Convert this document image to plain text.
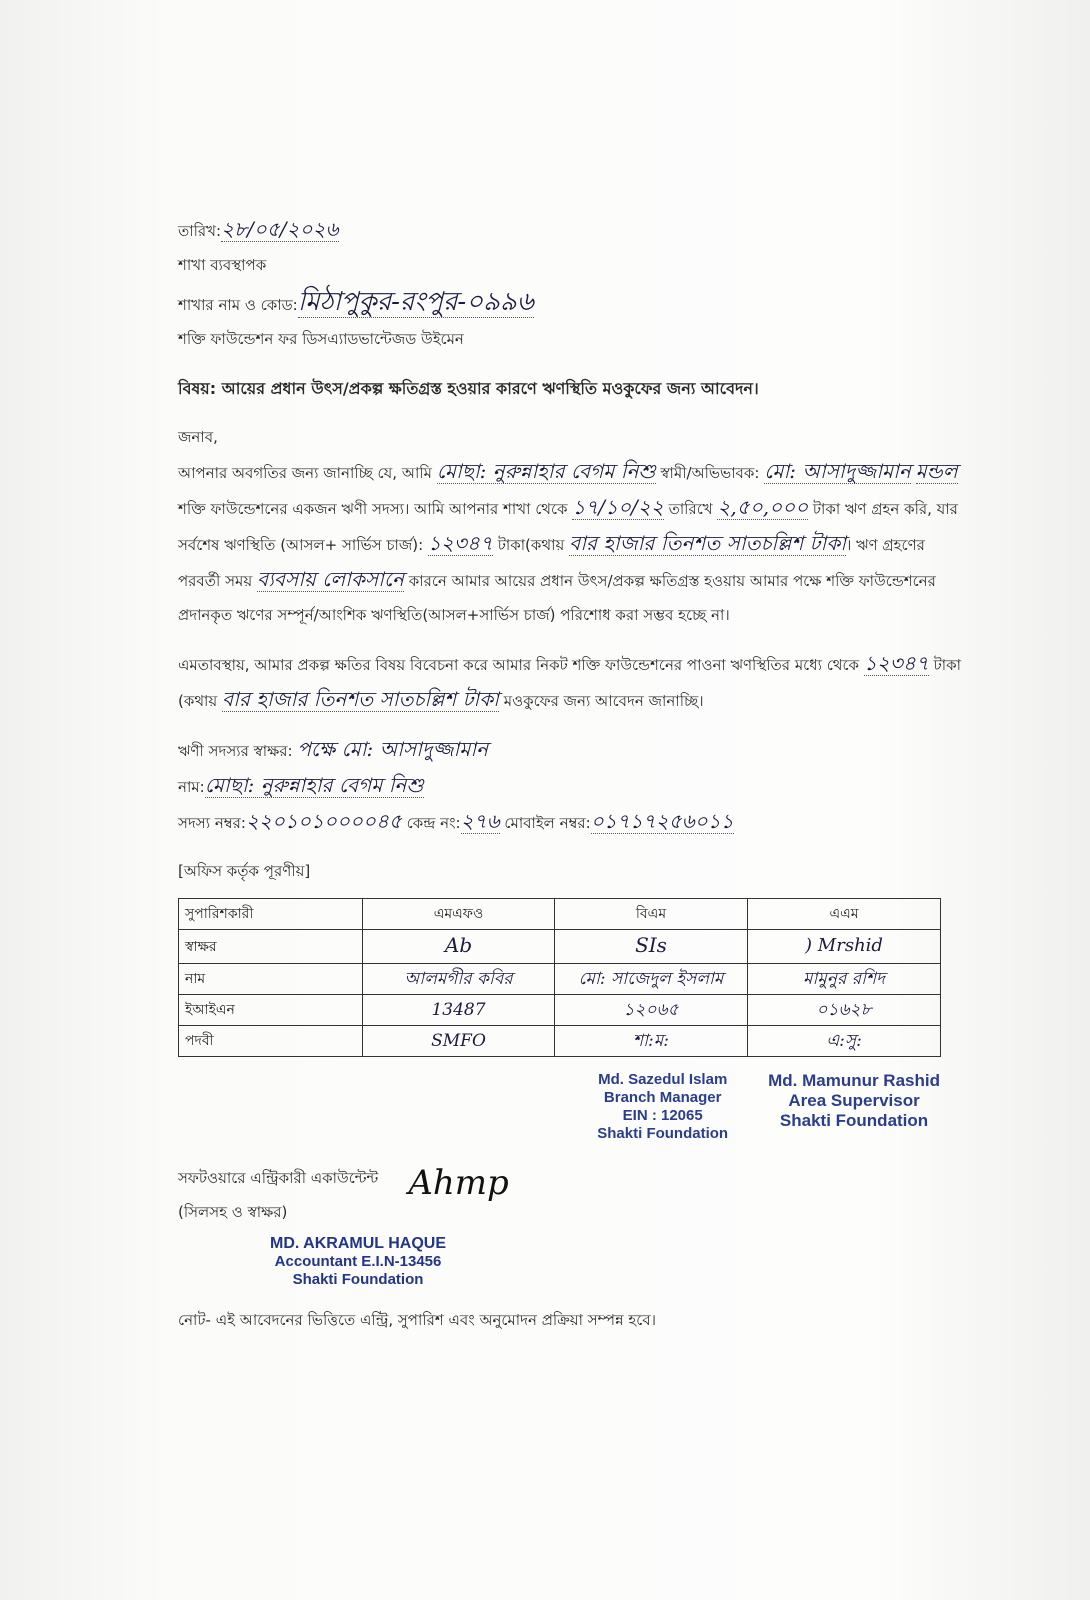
তারিখ:২৮/০৫/২০২৬
শাখা ব্যবস্থাপক
শাখার নাম ও কোড:মিঠাপুকুর-রংপুর-০৯৯৬
শক্তি ফাউন্ডেশন ফর ডিসএ্যাডভান্টেজড উইমেন
বিষয়: আয়ের প্রধান উৎস/প্রকল্প ক্ষতিগ্রস্ত হওয়ার কারণে ঋণস্থিতি মওকুফের জন্য আবেদন।
জনাব,
আপনার অবগতির জন্য জানাচ্ছি যে, আমি মোছা: নুরুন্নাহার বেগম নিশু স্বামী/অভিভাবক: মো: আসাদুজ্জামান মন্ডল শক্তি ফাউন্ডেশনের একজন ঋণী সদস্য। আমি আপনার শাখা থেকে ১৭/১০/২২ তারিখে ২,৫০,০০০ টাকা ঋণ গ্রহন করি, যার সর্বশেষ ঋণস্থিতি (আসল+ সার্ভিস চার্জ): ১২৩৪৭ টাকা(কথায় বার হাজার তিনশত সাতচল্লিশ টাকা। ঋণ গ্রহণের পরবর্তী সময় ব্যবসায় লোকসানে কারনে আমার আয়ের প্রধান উৎস/প্রকল্প ক্ষতিগ্রস্ত হওয়ায় আমার পক্ষে শক্তি ফাউন্ডেশনের প্রদানকৃত ঋণের সম্পূর্ন/আংশিক ঋণস্থিতি(আসল+সার্ভিস চার্জ) পরিশোধ করা সম্ভব হচ্ছে না।
এমতাবস্থায়, আমার প্রকল্প ক্ষতির বিষয় বিবেচনা করে আমার নিকট শক্তি ফাউন্ডেশনের পাওনা ঋণস্থিতির মধ্যে থেকে ১২৩৪৭ টাকা (কথায় বার হাজার তিনশত সাতচল্লিশ টাকা মওকুফের জন্য আবেদন জানাচ্ছি।
ঋণী সদস্যর স্বাক্ষর: পক্ষে মো: আসাদুজ্জামান
নাম:মোছা: নুরুন্নাহার বেগম নিশু
সদস্য নম্বর:২২০১০১০০০০৪৫ কেন্দ্র নং:২৭৬ মোবাইল নম্বর:০১৭১৭২৫৬০১১
[অফিস কর্তৃক পূরণীয়]
সুপারিশকারী	এমএফও	বিএম	এএম
স্বাক্ষর	Ab	SIs	) Mrshid
নাম	আলমগীর কবির	মো: সাজেদুল ইসলাম	মামুনুর রশিদ
ইআইএন	13487	১২০৬৫	০১৬২৮
পদবী	SMFO	শা:ম:	এ:সু:
Md. Sazedul Islam
Branch Manager
EIN : 12065
Shakti Foundation
Md. Mamunur Rashid
Area Supervisor
Shakti Foundation
সফটওয়ারে এন্ট্রিকারী একাউন্টেন্ট
(সিলসহ ও স্বাক্ষর)
Ahmp
MD. AKRAMUL HAQUE
Accountant E.I.N-13456
Shakti Foundation
নোট- এই আবেদনের ভিত্তিতে এন্ট্রি, সুপারিশ এবং অনুমোদন প্রক্রিয়া সম্পন্ন হবে।
